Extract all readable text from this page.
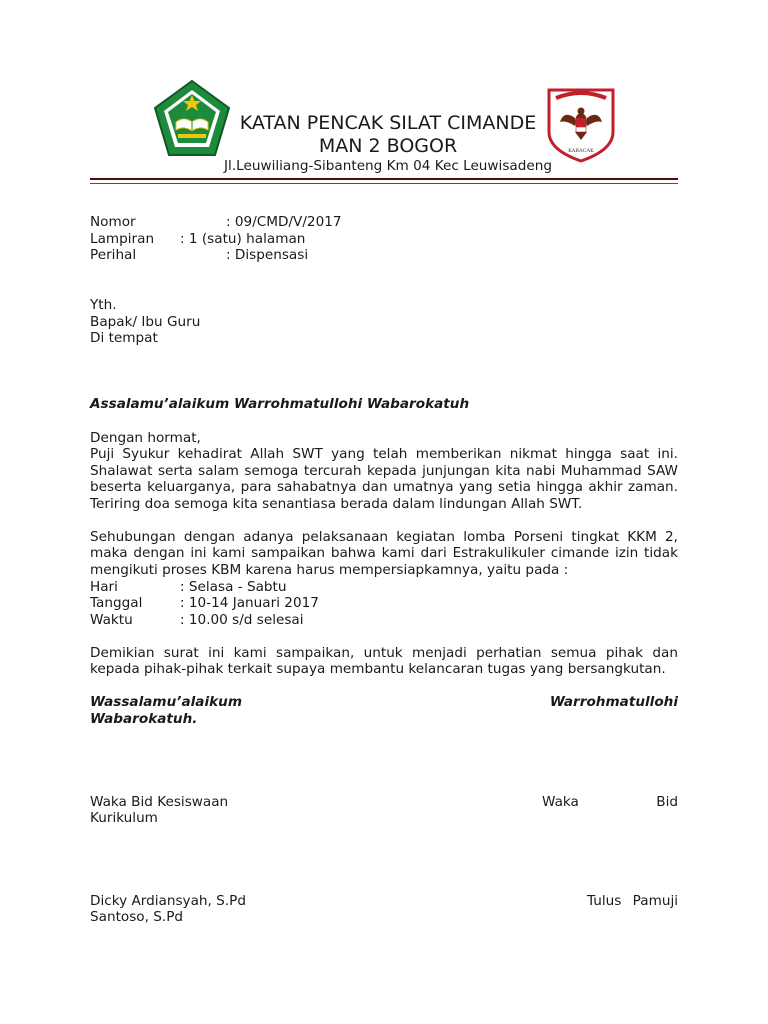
KATAN PENCAK SILAT CIMANDE
MAN 2 BOGOR
Jl.Leuwiliang-Sibanteng Km 04 Kec Leuwisadeng
KARACAK
Nomor	: 09/CMD/V/2017
Lampiran : 1 (satu) halaman
Perihal	: Dispensasi
Yth.
Bapak/ Ibu Guru
Di tempat
Assalamu’alaikum Warrohmatullohi Wabarokatuh
Dengan hormat,
Puji Syukur kehadirat Allah SWT yang telah memberikan nikmat hingga saat ini.
Shalawat serta salam semoga tercurah kepada junjungan kita nabi Muhammad SAW
beserta keluarganya, para sahabatnya dan umatnya yang setia hingga akhir zaman.
Teriring doa semoga kita senantiasa berada dalam lindungan Allah SWT.
Sehubungan dengan adanya pelaksanaan kegiatan lomba Porseni tingkat KKM 2,
maka dengan ini kami sampaikan bahwa kami dari Estrakulikuler cimande izin tidak
mengikuti proses KBM karena harus mempersiapkamnya, yaitu pada :
Hari	: Selasa - Sabtu
Tanggal	: 10-14 Januari 2017
Waktu	: 10.00 s/d selesai
Demikian surat ini kami sampaikan, untuk menjadi perhatian semua pihak dan
kepada pihak-pihak terkait supaya membantu kelancaran tugas yang bersangkutan.
Wassalamu’alaikum	Warrohmatullohi
Wabarokatuh.
Waka Bid Kesiswaan	Waka	Bid
Kurikulum
Dicky Ardiansyah, S.Pd	Tulus Pamuji
Santoso, S.Pd
